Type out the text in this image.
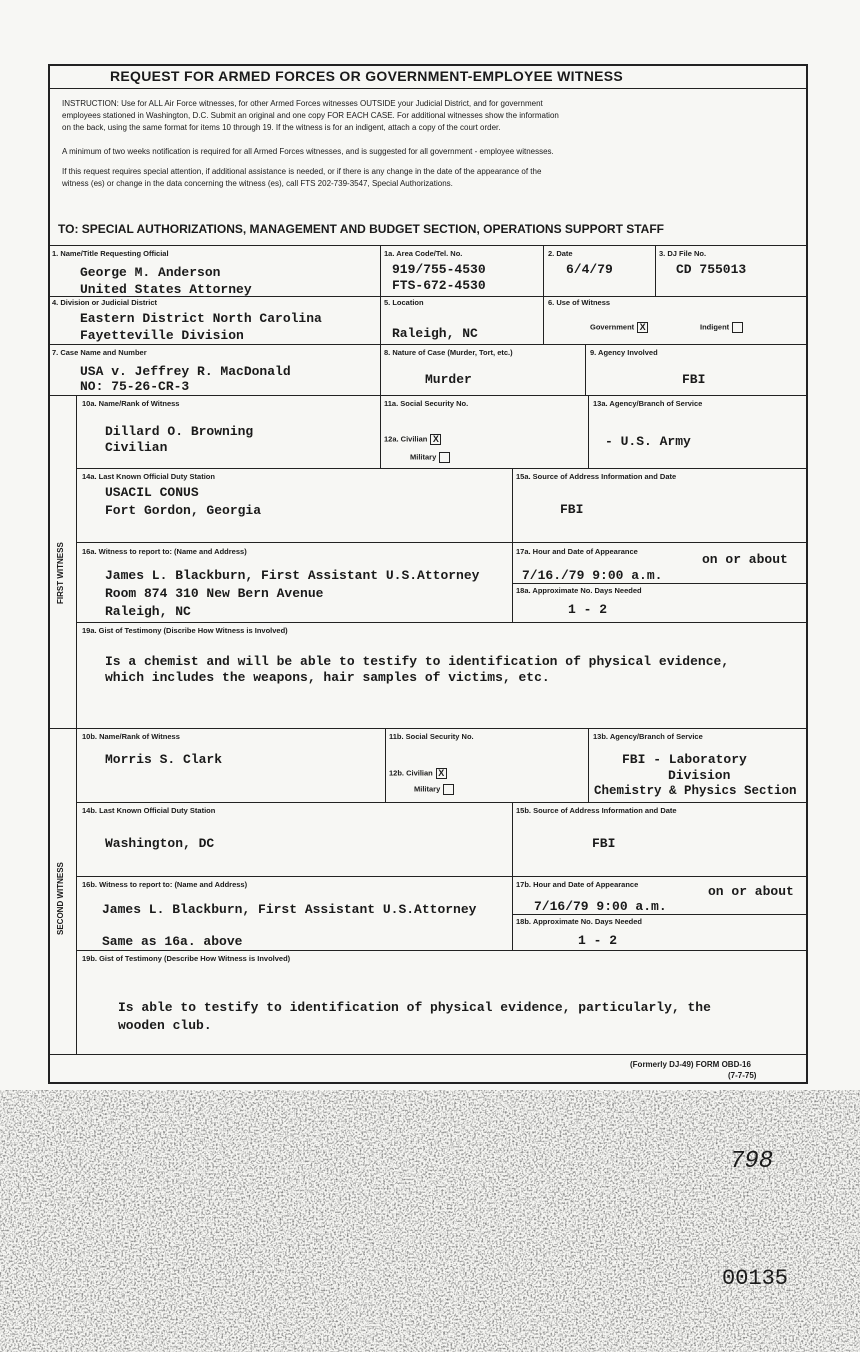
REQUEST FOR ARMED FORCES OR GOVERNMENT-EMPLOYEE WITNESS
INSTRUCTION: Use for ALL Air Force witnesses, for other Armed Forces witnesses OUTSIDE your Judicial District, and for government
employees stationed in Washington, D.C. Submit an original and one copy FOR EACH CASE. For additional witnesses show the information
on the back, using the same format for items 10 through 19. If the witness is for an indigent, attach a copy of the court order.
A minimum of two weeks notification is required for all Armed Forces witnesses, and is suggested for all government - employee witnesses.
If this request requires special attention, if additional assistance is needed, or if there is any change in the date of the appearance of the
witness (es) or change in the data concerning the witness (es), call FTS 202-739-3547, Special Authorizations.
TO: SPECIAL AUTHORIZATIONS, MANAGEMENT AND BUDGET SECTION, OPERATIONS SUPPORT STAFF
1. Name/Title Requesting Official
George M. Anderson
United States Attorney
1a. Area Code/Tel. No.
919/755-4530
FTS-672-4530
2. Date
6/4/79
3. DJ File No.
CD 755013
4. Division or Judicial District
Eastern District North Carolina
Fayetteville Division
5. Location
Raleigh, NC
6. Use of Witness
Government X	Indigent
7. Case Name and Number
USA v. Jeffrey R. MacDonald
NO: 75-26-CR-3
8. Nature of Case (Murder, Tort, etc.)
Murder
9. Agency Involved
FBI
FIRST WITNESS
10a. Name/Rank of Witness
Dillard O. Browning
Civilian
11a. Social Security No.
12a. Civilian X
Military
13a. Agency/Branch of Service
- U.S. Army
14a. Last Known Official Duty Station
USACIL CONUS
Fort Gordon, Georgia
15a. Source of Address Information and Date
FBI
16a. Witness to report to: (Name and Address)
James L. Blackburn, First Assistant U.S.Attorney
Room 874 310 New Bern Avenue
Raleigh, NC
17a. Hour and Date of Appearance
on or about
7/16./79 9:00 a.m.
18a. Approximate No. Days Needed
1 - 2
19a. Gist of Testimony (Discribe How Witness is Involved)
Is a chemist and will be able to testify to identification of physical evidence,
which includes the weapons, hair samples of victims, etc.
SECOND WITNESS
10b. Name/Rank of Witness
Morris S. Clark
11b. Social Security No.
12b. Civilian X
Military
13b. Agency/Branch of Service
FBI - Laboratory
Division
Chemistry & Physics Section
14b. Last Known Official Duty Station
Washington, DC
15b. Source of Address Information and Date
FBI
16b. Witness to report to: (Name and Address)
James L. Blackburn, First Assistant U.S.Attorney
Same as 16a. above
17b. Hour and Date of Appearance	on or about
7/16/79 9:00 a.m.
18b. Approximate No. Days Needed
1 - 2
19b. Gist of Testimony (Describe How Witness is Involved)
Is able to testify to identification of physical evidence, particularly, the
wooden club.
(Formerly DJ-49) FORM OBD-16
(7-7-75)
798
00135
